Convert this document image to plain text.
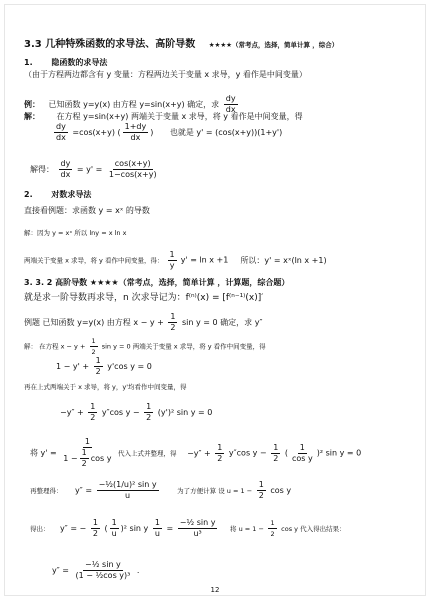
3.3 几种特殊函数的求导法、高阶导数 ★★★★（常考点，选择，简单计算 ，综合）
1. 隐函数的求导法
（由于方程两边都含有 y 变量：方程两边关于变量 x 求导，y 看作是中间变量）
例： 已知函数 y=y(x) 由方程 y=sin(x+y) 确定，求 $\frac{dy}{dx}$
解： 在方程 y=sin(x+y) 两端关于变量 x 求导，将 y 看作是中间变量，得
$\frac{dy}{dx} =\cos(x+y)$ ( $\frac{1+dy}{dx}$ ) 也就是 y' = (cos(x+y))(1+y')
解得： $\frac{dy}{dx} = y' = \frac{\cos(x+y)}{1-\cos(x+y)}$
2. 对数求导法
直接看例题：求函数 y = xˣ 的导数
解：因为 y = xˣ 所以 lny = x ln x
两端关于变量 x 求导，将 y 看作中间变量，得： $\frac{1}{y} y' = \ln x +1$ 所以：y' = xˣ(ln x +1)
3. 3. 2 高阶导数 ★★★★（常考点，选择，简单计算 ，计算题，综合题）
就是求一阶导数再求导，n 次求导记为：f⁽ⁿ⁾(x) = [f⁽ⁿ⁻¹⁾(x)]′
例题 已知函数 y=y(x) 由方程 $x - y + \frac{1}{2}$ sin y = 0 确定，求 y″
解： 在方程 $x - y + \frac{1}{2}$ sin y = 0 两端关于变量 x 求导，将 y 看作中间变量，得
$1 - y' + \frac{1}{2} y'\cos$ y = 0
再在上式两端关于 x 求导，将 y，y'均看作中间变量，得
$-y'' + \frac{1}{2} y''\cos$ $y - \frac{1}{2} (y')^2$ sin y = 0
将 $y' = \frac{1}{1 - \frac{1}{2} \cos y}$ 代入上式并整理，得 $-y'' + \frac{1}{2} y''\cos$ $y - \frac{1}{2}$ ( $\frac{1}{\text{cos y}} )^2$ sin y = 0
再整理得： $y'' = \frac{\text{−½(1/u)² sin y}}{u}$	为了方便计算 设 $u = 1 - \frac{1}{2}$ cos y
得出： y″ = − $\frac{1}{2}$ ( $\frac{1}{u} )^2$ sin y $\frac{1}{u} = \frac{\text{−½ sin y}}{\text{u³}}$ 将 $u = 1 - \frac{1}{2}$ cos y 代入得出结果：
$y'' = \frac{\text{−½ sin y}}{\text{(1 − ½cos y)³}}$ .
12
